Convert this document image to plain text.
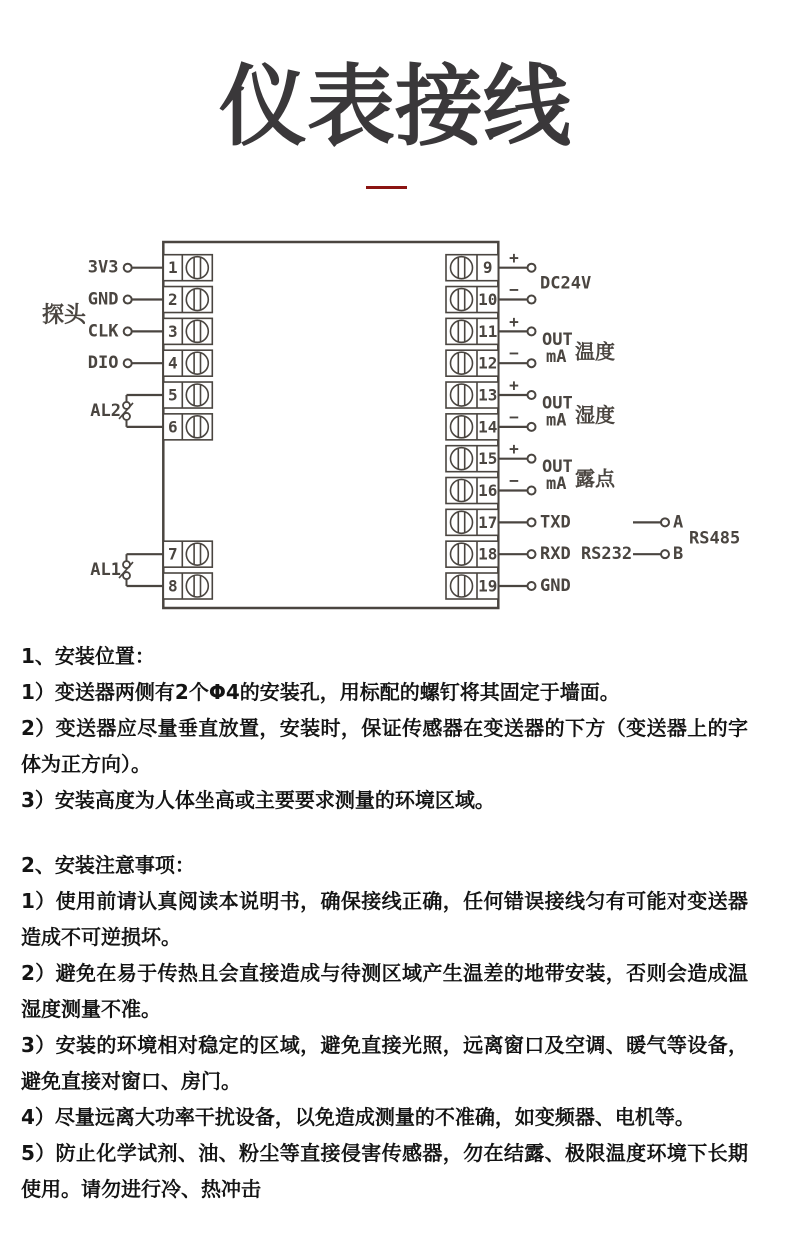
仪表接线
1
2
3
4
5
6
7
8
9
10
11
12
13
14
15
16
17
18
19
3V3
GND
CLK
DIO
探头
AL2
AL1
+
− DC24V
+
−
OUT
mA 温度
+
−
OUT
mA 湿度
+
−
OUT
mA 露点
TXD
RXD RS232
GND
A
B
RS485

1、安装位置：

1）变送器两侧有2个Φ4的安装孔，用标配的螺钉将其固定于墙面。

2）变送器应尽量垂直放置，安装时，保证传感器在变送器的下方（变送器上的字体为正方向）。

3）安装高度为人体坐高或主要要求测量的环境区域。

2、安装注意事项：

1）使用前请认真阅读本说明书，确保接线正确，任何错误接线匀有可能对变送器造成不可逆损坏。

2）避免在易于传热且会直接造成与待测区域产生温差的地带安装，否则会造成温湿度测量不准。

3）安装的环境相对稳定的区域，避免直接光照，远离窗口及空调、暖气等设备，避免直接对窗口、房门。

4）尽量远离大功率干扰设备，以免造成测量的不准确，如变频器、电机等。

5）防止化学试剂、油、粉尘等直接侵害传感器，勿在结露、极限温度环境下长期使用。请勿进行冷、热冲击
